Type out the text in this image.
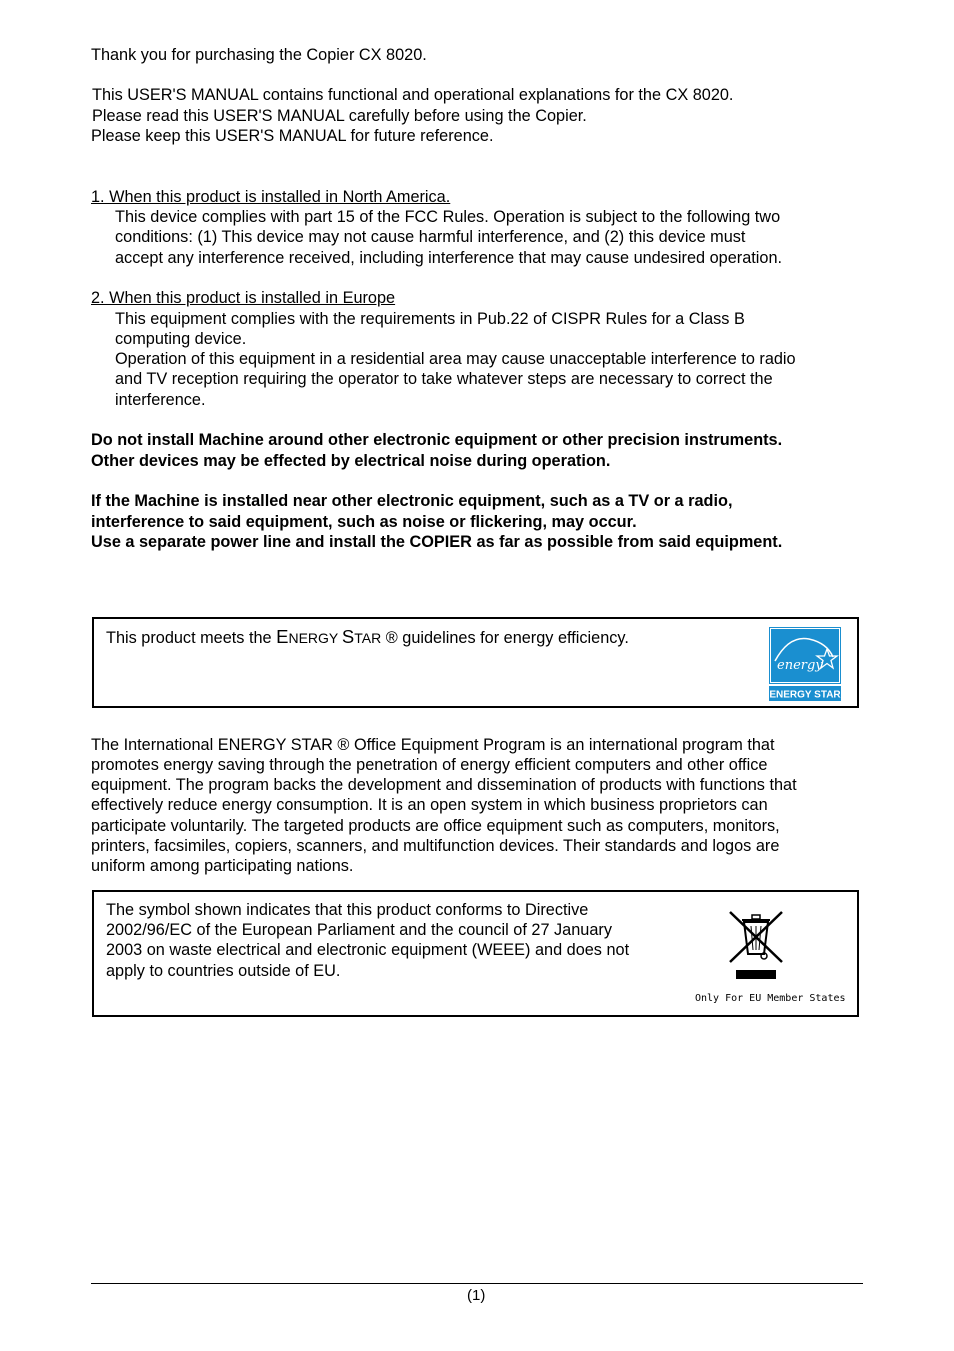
Thank you for purchasing the Copier CX 8020.
This USER'S MANUAL contains functional and operational explanations for the CX 8020.
Please read this USER'S MANUAL carefully before using the Copier.
Please keep this USER'S MANUAL for future reference.
1. When this product is installed in North America.
This device complies with part 15 of the FCC Rules. Operation is subject to the following two
conditions: (1) This device may not cause harmful interference, and (2) this device must
accept any interference received, including interference that may cause undesired operation.
2. When this product is installed in Europe
This equipment complies with the requirements in Pub.22 of CISPR Rules for a Class B
computing device.
Operation of this equipment in a residential area may cause unacceptable interference to radio
and TV reception requiring the operator to take whatever steps are necessary to correct the
interference.
Do not install Machine around other electronic equipment or other precision instruments.
Other devices may be effected by electrical noise during operation.
If the Machine is installed near other electronic equipment, such as a TV or a radio,
interference to said equipment, such as noise or flickering, may occur.
Use a separate power line and install the COPIER as far as possible from said equipment.
This product meets the ENERGY STAR ® guidelines for energy efficiency.
energy
ENERGY STAR
The International ENERGY STAR ® Office Equipment Program is an international program that
promotes energy saving through the penetration of energy efficient computers and other office
equipment. The program backs the development and dissemination of products with functions that
effectively reduce energy consumption. It is an open system in which business proprietors can
participate voluntarily. The targeted products are office equipment such as computers, monitors,
printers, facsimiles, copiers, scanners, and multifunction devices. Their standards and logos are
uniform among participating nations.
The symbol shown indicates that this product conforms to Directive
2002/96/EC of the European Parliament and the council of 27 January
2003 on waste electrical and electronic equipment (WEEE) and does not
apply to countries outside of EU.
Only For EU Member States
(1)
